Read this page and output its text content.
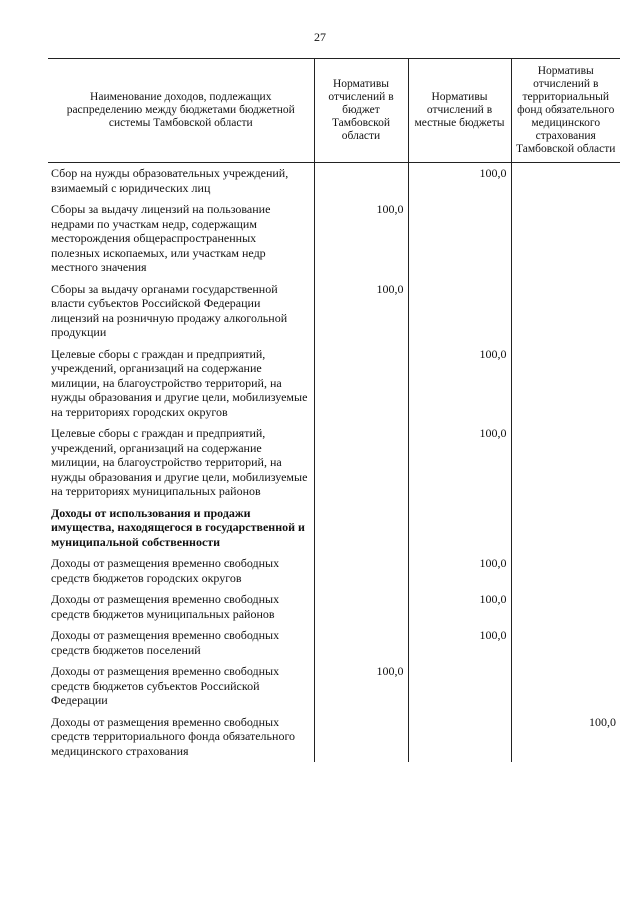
27
Наименование доходов, подлежащих распределению между бюджетами бюджетной системы Тамбовской области	Нормативы отчислений в бюджет Тамбовской области	Нормативы отчислений в местные бюджеты	Нормативы отчислений в территориальный фонд обязательного медицинского страхования Тамбовской области
Сбор на нужды образовательных учреждений, взимаемый с юридических лиц		100,0	
Сборы за выдачу лицензий на пользование недрами по участкам недр, содержащим месторождения общераспространенных полезных ископаемых, или участкам недр местного значения	100,0		
Сборы за выдачу органами государственной власти субъектов Российской Федерации лицензий на розничную продажу алкогольной продукции	100,0		
Целевые сборы с граждан и предприятий, учреждений, организаций на содержание милиции, на благоустройство территорий, на нужды образования и другие цели, мобилизуемые на территориях городских округов		100,0	
Целевые сборы с граждан и предприятий, учреждений, организаций на содержание милиции, на благоустройство территорий, на нужды образования и другие цели, мобилизуемые на территориях муниципальных районов		100,0	
Доходы от использования и продажи имущества, находящегося в государственной и муниципальной собственности			
Доходы от размещения временно свободных средств бюджетов городских округов		100,0	
Доходы от размещения временно свободных средств бюджетов муниципальных районов		100,0	
Доходы от размещения временно свободных средств бюджетов поселений		100,0	
Доходы от размещения временно свободных средств бюджетов субъектов Российской Федерации	100,0		
Доходы от размещения временно свободных средств территориального фонда обязательного медицинского страхования			100,0
